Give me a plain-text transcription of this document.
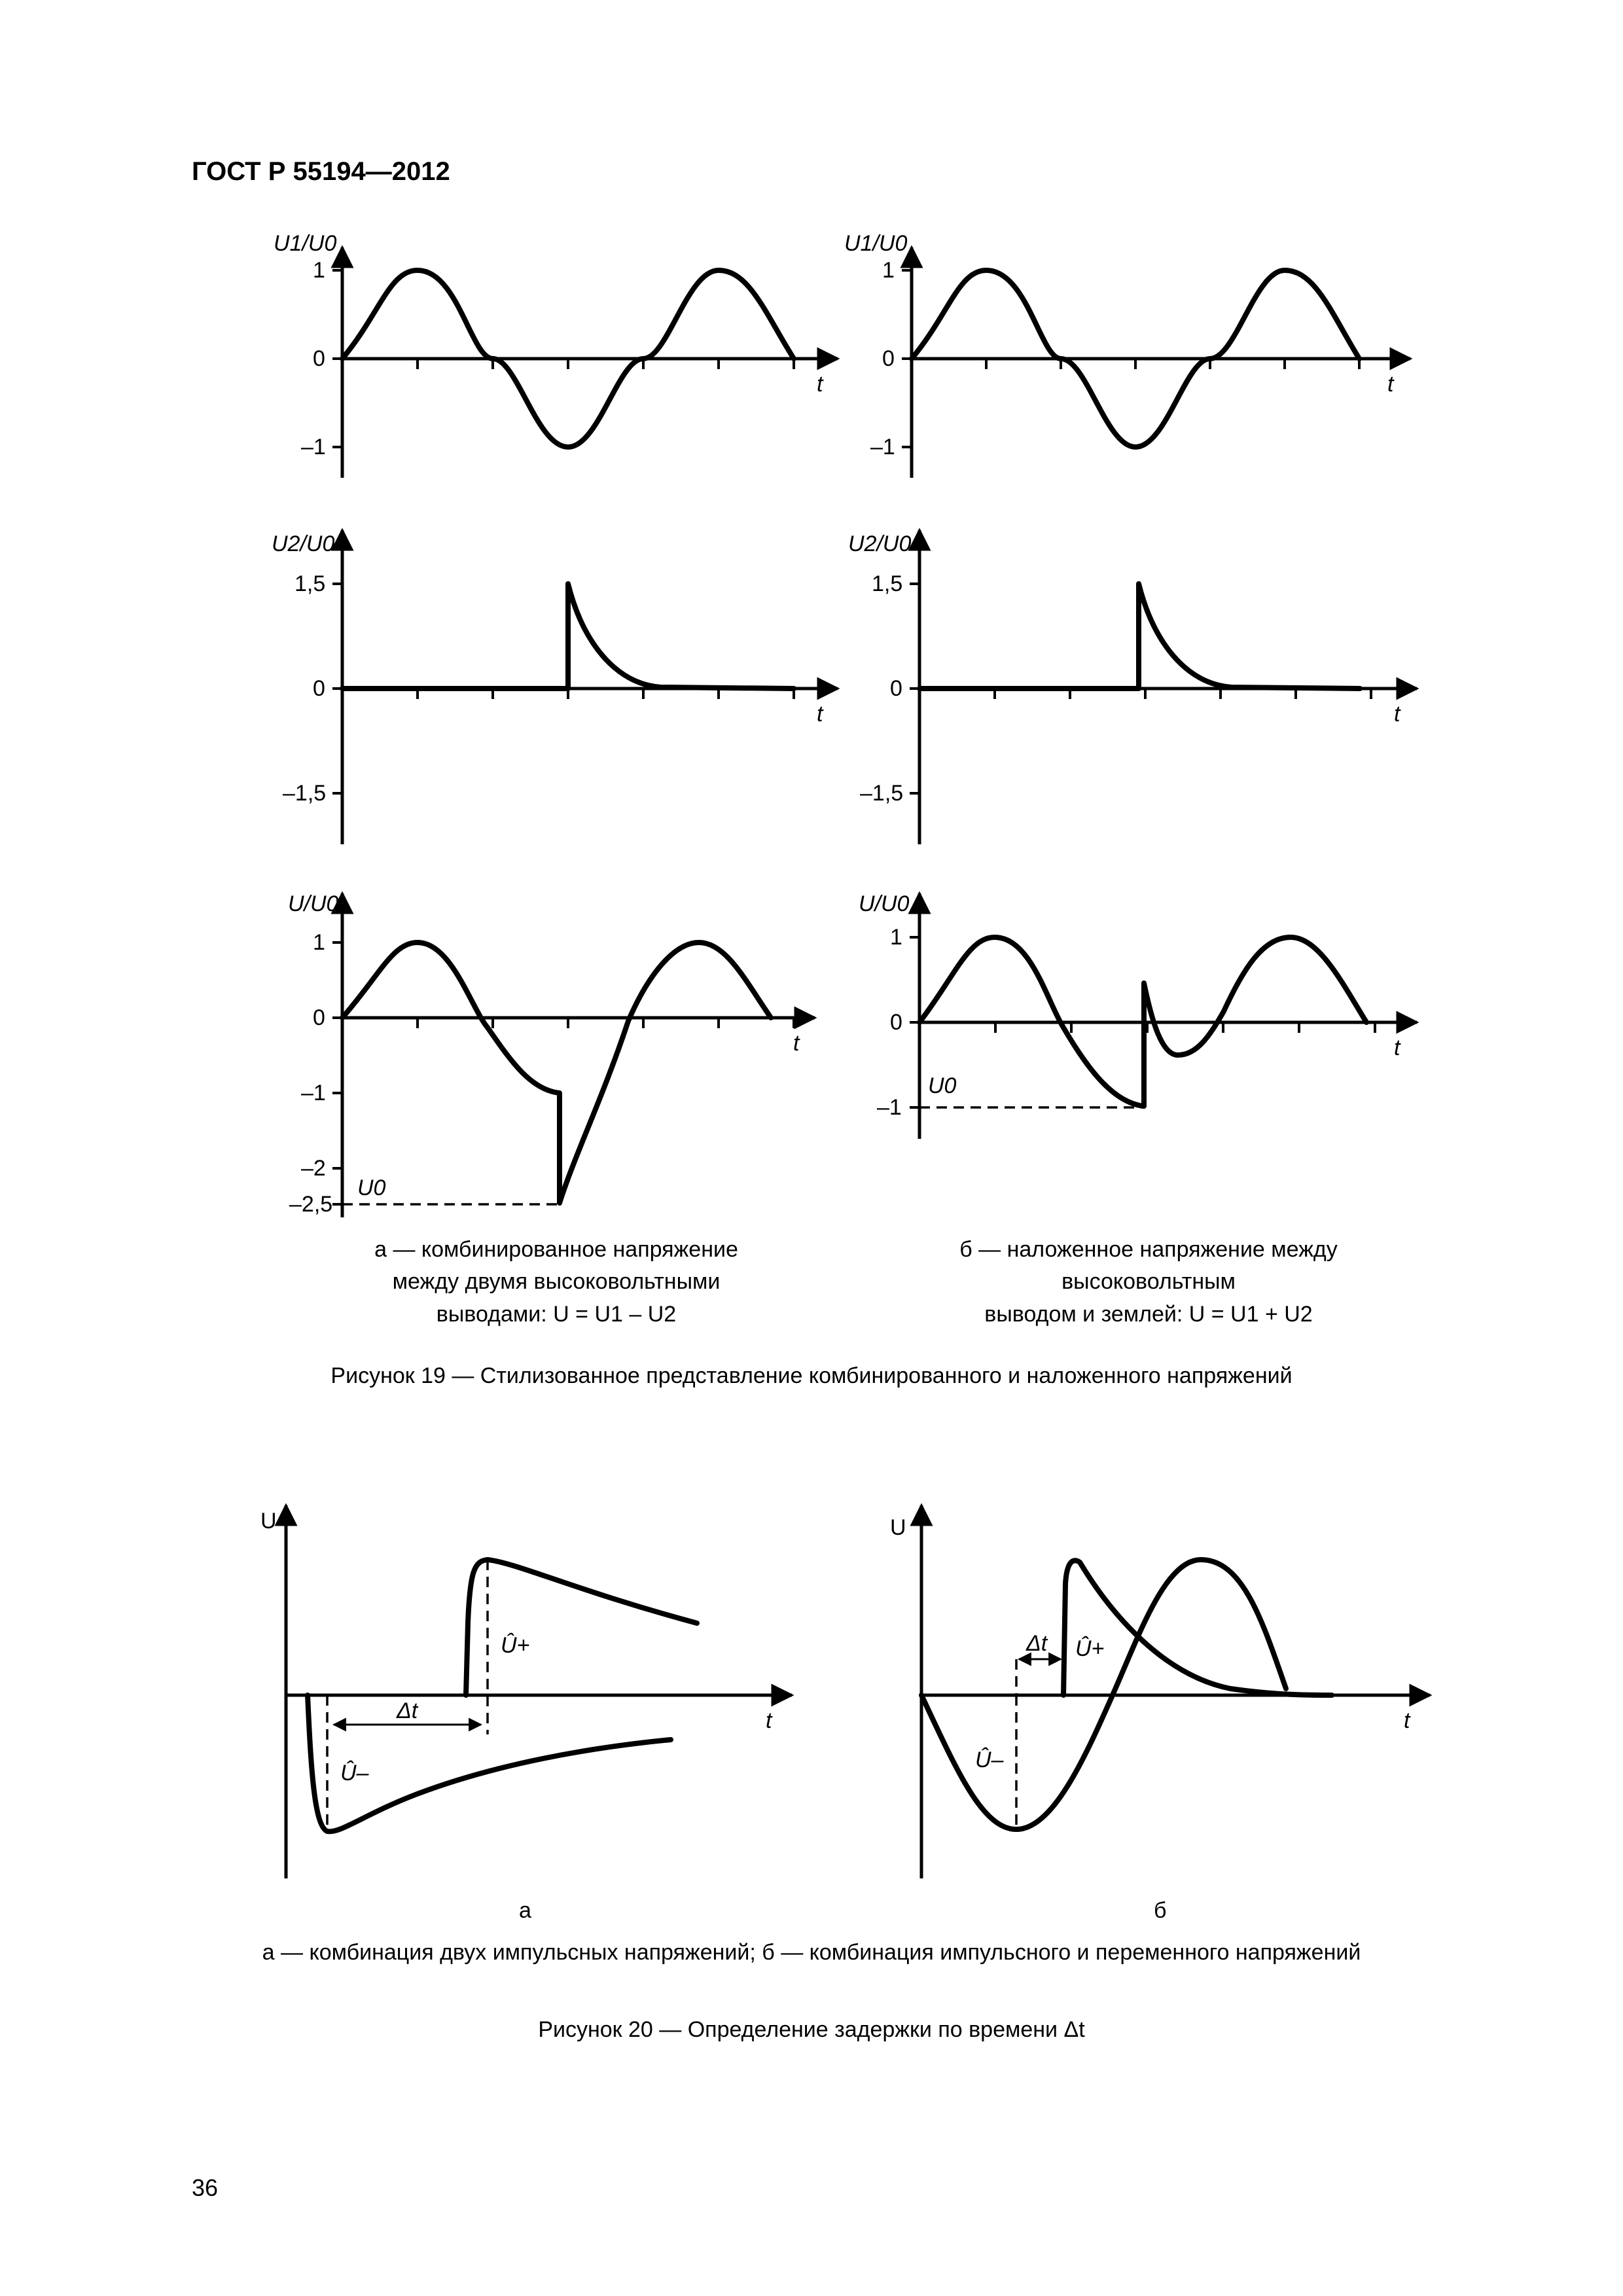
ГОСТ Р 55194—2012
U1/U0
1
0
–1
t
U2/U0
1,5
0
–1,5
t
U/U0
1
0
–1
–2
–2,5
U0
t
U1/U0
1
0
–1
t
U2/U0
1,5
0
–1,5
t
U/U0
1
0
–1
U0
t
U
t
Δt
Û+
Û–
а
U
t
Δt Û+
Û–
б
а — комбинированное напряжение
между двумя высоковольтными
выводами: U = U1 – U2
б — наложенное напряжение между
высоковольтным
выводом и землей: U = U1 + U2
Рисунок 19 — Стилизованное представление комбинированного и наложенного напряжений
а — комбинация двух импульсных напряжений; б — комбинация импульсного и переменного напряжений
Рисунок 20 — Определение задержки по времени Δt
36
